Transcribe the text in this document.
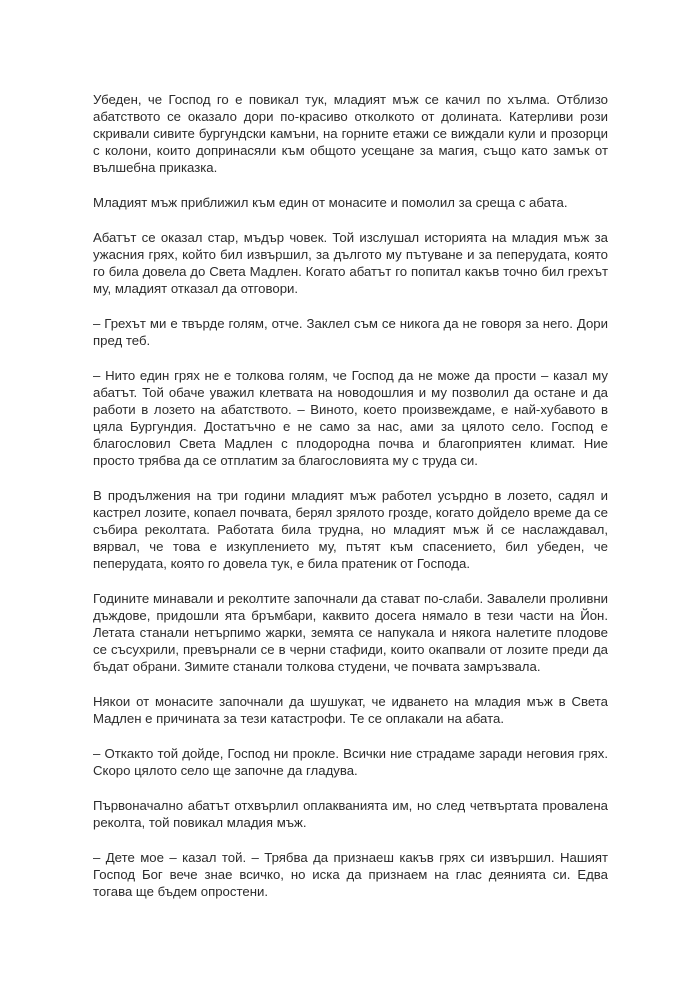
Убеден, че Господ го е повикал тук, младият мъж се качил по хълма. Отблизо абатството се оказало дори по-красиво отколкото от долината. Катерливи рози скривали сивите бургундски камъни, на горните етажи се виждали кули и прозорци с колони, които допринасяли към общото усещане за магия, също като замък от вълшебна приказка.

Младият мъж приближил към един от монасите и помолил за среща с абата.

Абатът се оказал стар, мъдър човек. Той изслушал историята на младия мъж за ужасния грях, който бил извършил, за дългото му пътуване и за пеперудата, която го била довела до Света Мадлен. Когато абатът го попитал какъв точно бил грехът му, младият отказал да отговори.

– Грехът ми е твърде голям, отче. Заклел съм се никога да не говоря за него. Дори пред теб.

– Нито един грях не е толкова голям, че Господ да не може да прости – казал му абатът. Той обаче уважил клетвата на новодошлия и му позволил да остане и да работи в лозето на абатството. – Виното, което произвеждаме, е най-хубавото в цяла Бургундия. Достатъчно е не само за нас, ами за цялото село. Господ е благословил Света Мадлен с плодородна почва и благоприятен климат. Ние просто трябва да се отплатим за благословията му с труда си.

В продължения на три години младият мъж работел усърдно в лозето, садял и кастрел лозите, копаел почвата, берял зрялото грозде, когато дойдело време да се събира реколтата. Работата била трудна, но младият мъж й се наслаждавал, вярвал, че това е изкуплението му, пътят към спасението, бил убеден, че пеперудата, която го довела тук, е била пратеник от Господа.

Годините минавали и реколтите започнали да стават по-слаби. Завалели проливни дъждове, придошли ята бръмбари, каквито досега нямало в тези части на Йон. Летата станали нетърпимо жарки, земята се напукала и някога налетите плодове се съсухрили, превърнали се в черни стафиди, които окапвали от лозите преди да бъдат обрани. Зимите станали толкова студени, че почвата замръзвала.

Някои от монасите започнали да шушукат, че идването на младия мъж в Света Мадлен е причината за тези катастрофи. Те се оплакали на абата.

– Откакто той дойде, Господ ни прокле. Всички ние страдаме заради неговия грях. Скоро цялото село ще започне да гладува.

Първоначално абатът отхвърлил оплакванията им, но след четвъртата провалена реколта, той повикал младия мъж.

– Дете мое – казал той. – Трябва да признаеш какъв грях си извършил. Нашият Господ Бог вече знае всичко, но иска да признаем на глас деянията си. Едва тогава ще бъдем опростени.
